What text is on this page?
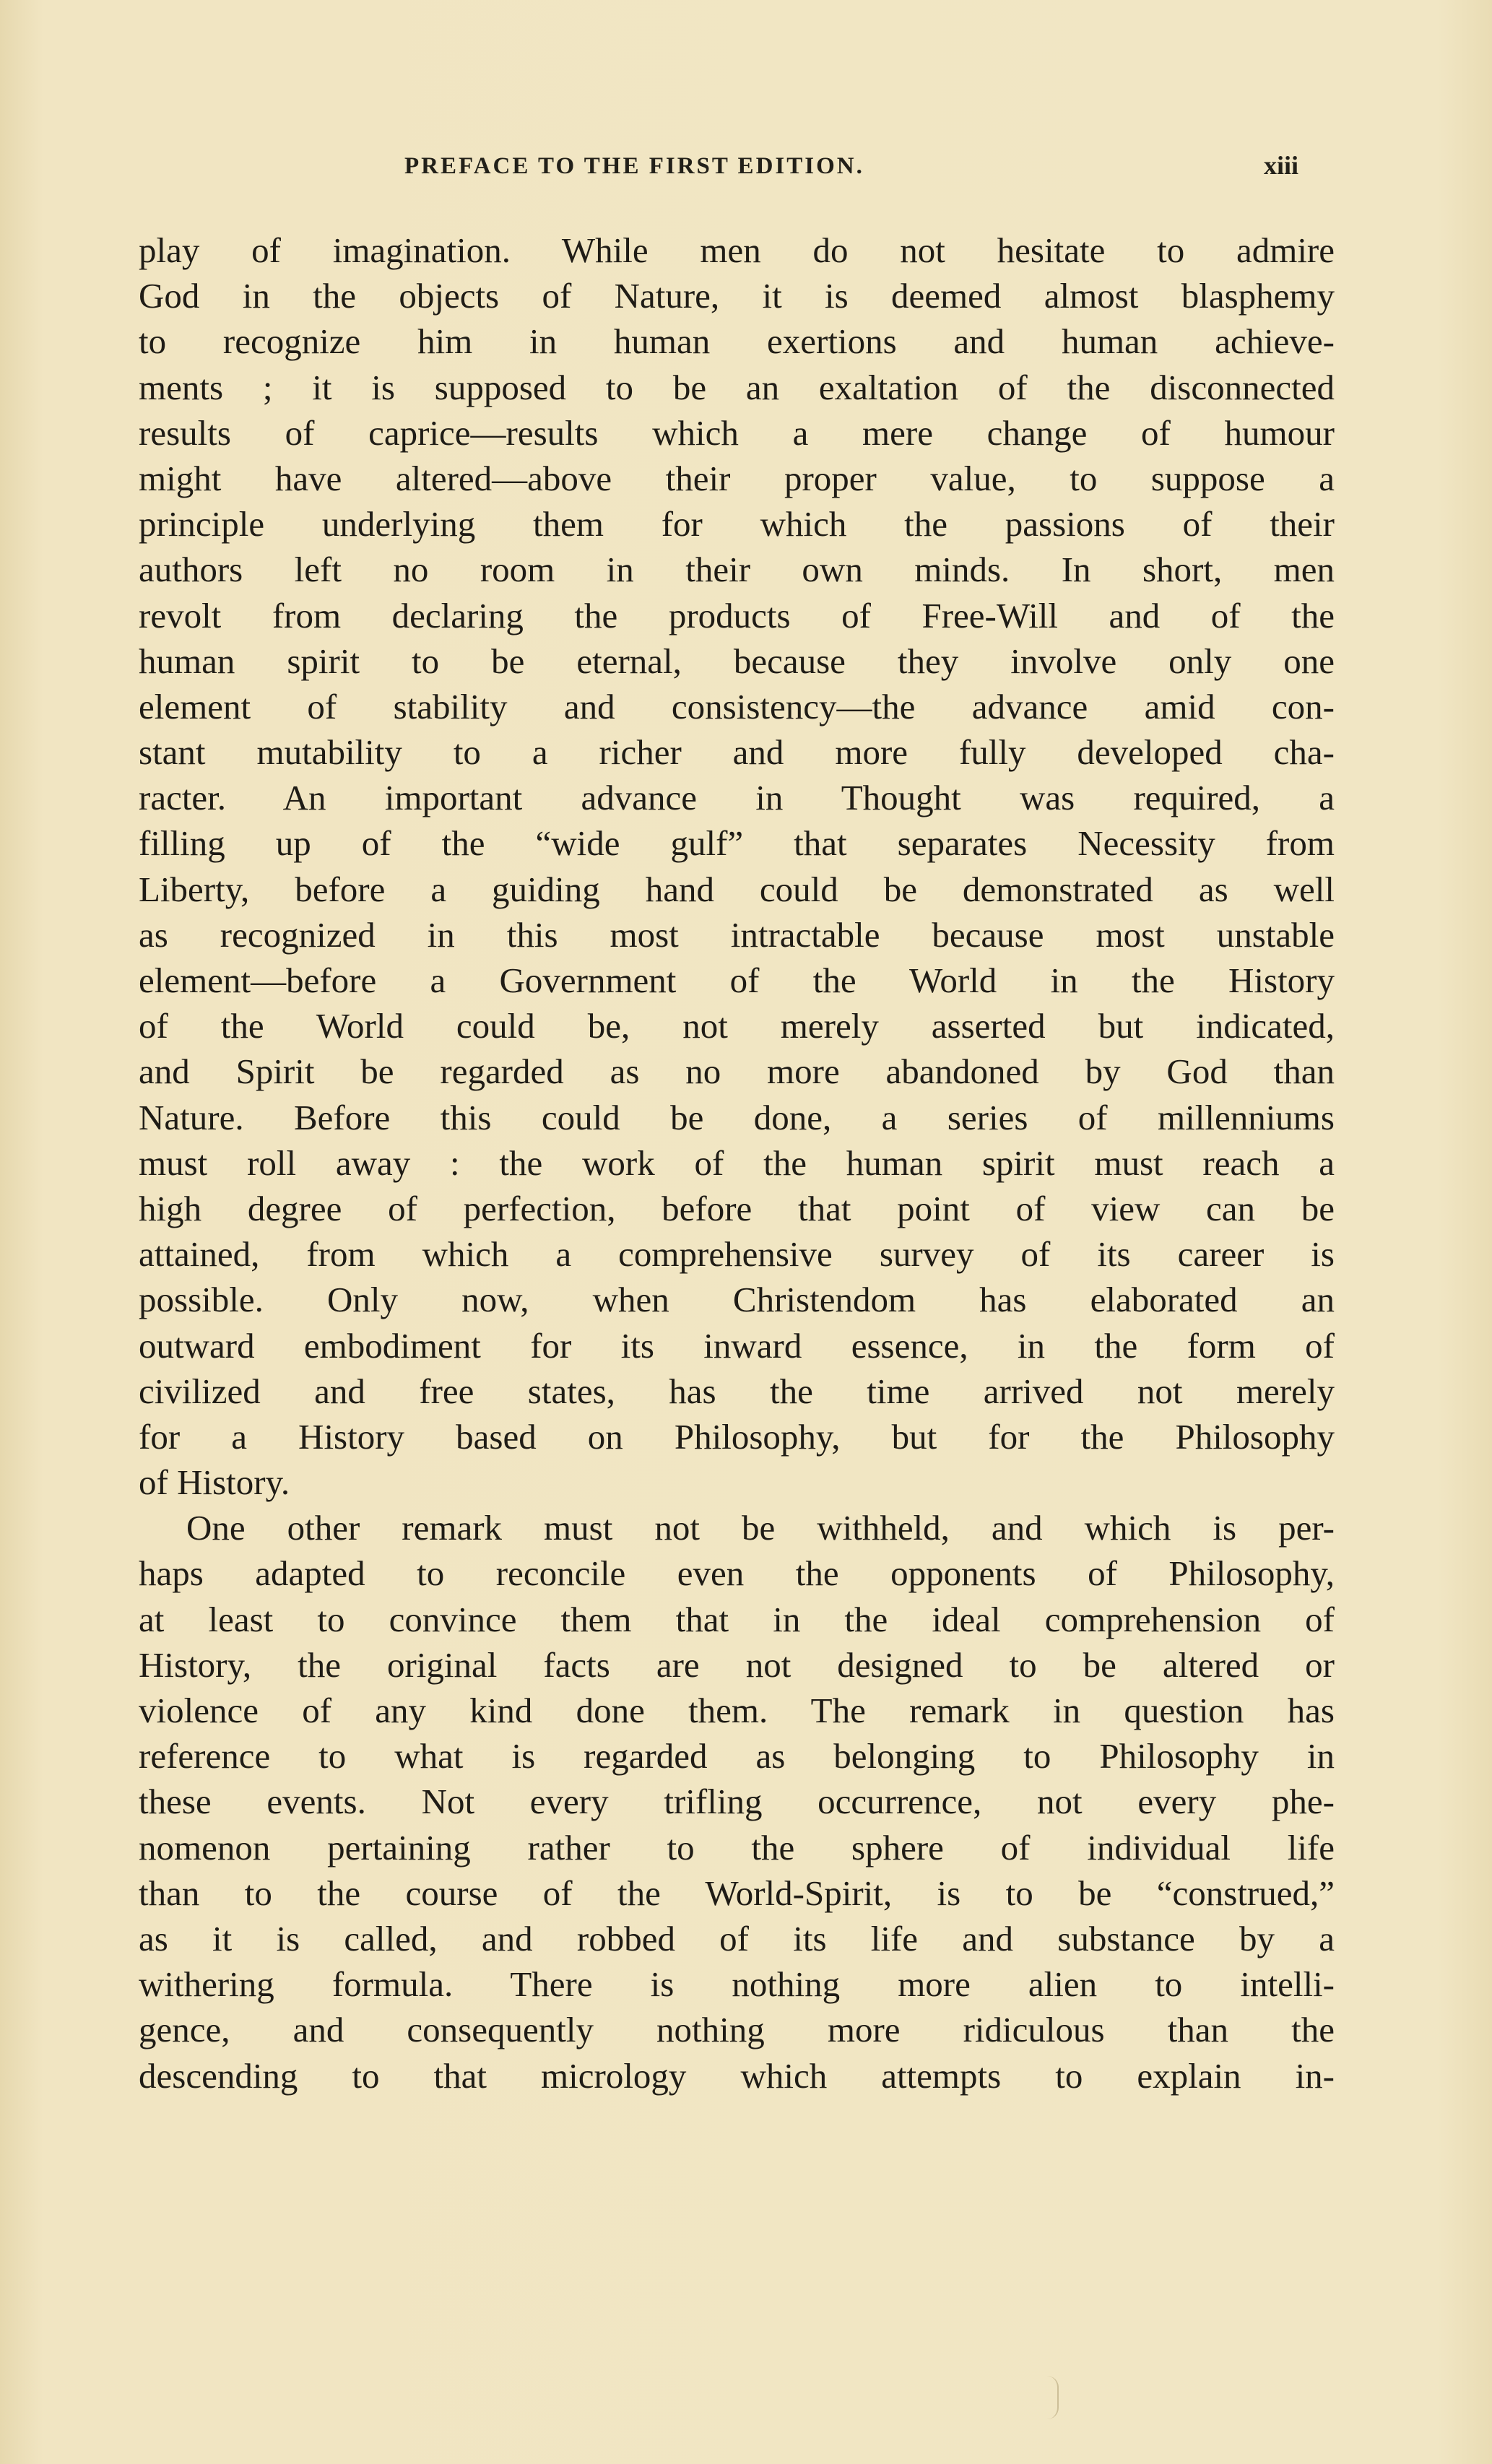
PREFACE TO THE FIRST EDITION.	xiii
play of imagination. While men do not hesitate to admire
God in the objects of Nature, it is deemed almost blasphemy
to recognize him in human exertions and human achieve-
ments ; it is supposed to be an exaltation of the disconnected
results of caprice—results which a mere change of humour
might have altered—above their proper value, to suppose a
principle underlying them for which the passions of their
authors left no room in their own minds. In short, men
revolt from declaring the products of Free-Will and of the
human spirit to be eternal, because they involve only one
element of stability and consistency—the advance amid con-
stant mutability to a richer and more fully developed cha-
racter. An important advance in Thought was required, a
filling up of the “wide gulf” that separates Necessity from
Liberty, before a guiding hand could be demonstrated as well
as recognized in this most intractable because most unstable
element—before a Government of the World in the History
of the World could be, not merely asserted but indicated,
and Spirit be regarded as no more abandoned by God than
Nature. Before this could be done, a series of millenniums
must roll away : the work of the human spirit must reach a
high degree of perfection, before that point of view can be
attained, from which a comprehensive survey of its career is
possible. Only now, when Christendom has elaborated an
outward embodiment for its inward essence, in the form of
civilized and free states, has the time arrived not merely
for a History based on Philosophy, but for the Philosophy
of History.
One other remark must not be withheld, and which is per-
haps adapted to reconcile even the opponents of Philosophy,
at least to convince them that in the ideal comprehension of
History, the original facts are not designed to be altered or
violence of any kind done them. The remark in question has
reference to what is regarded as belonging to Philosophy in
these events. Not every trifling occurrence, not every phe-
nomenon pertaining rather to the sphere of individual life
than to the course of the World-Spirit, is to be “construed,”
as it is called, and robbed of its life and substance by a
withering formula. There is nothing more alien to intelli-
gence, and consequently nothing more ridiculous than the
descending to that micrology which attempts to explain in-
